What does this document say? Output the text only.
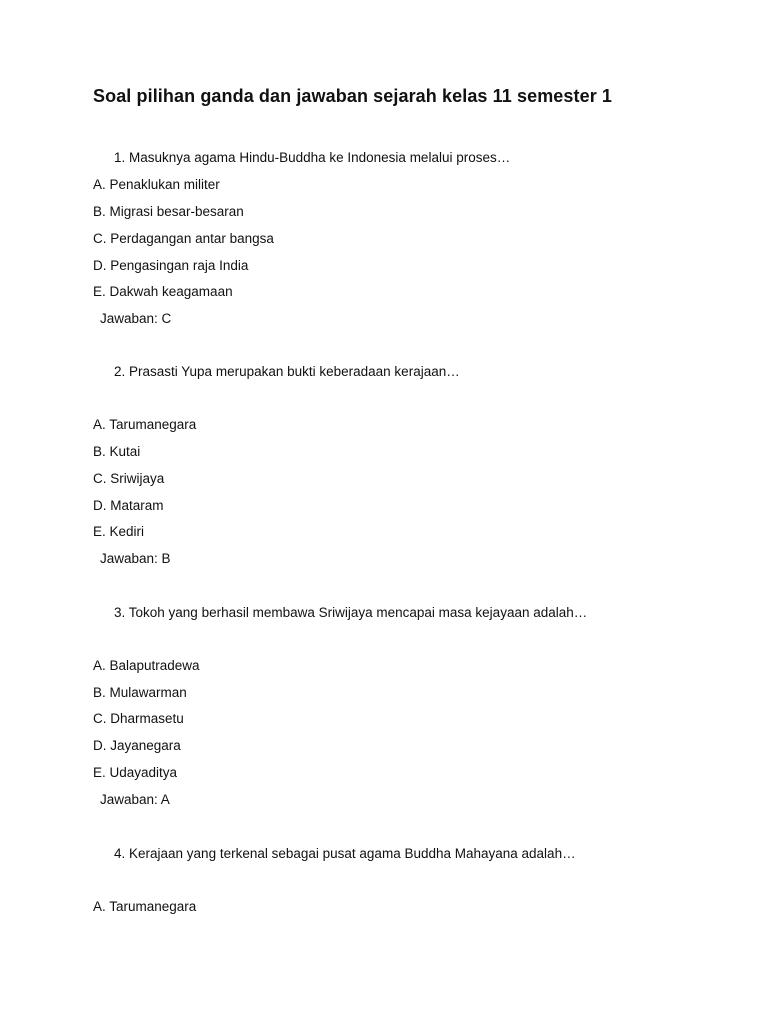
Soal pilihan ganda dan jawaban sejarah kelas 11 semester 1
1. Masuknya agama Hindu-Buddha ke Indonesia melalui proses…
A. Penaklukan militer
B. Migrasi besar-besaran
C. Perdagangan antar bangsa
D. Pengasingan raja India
E. Dakwah keagamaan
Jawaban: C
2. Prasasti Yupa merupakan bukti keberadaan kerajaan…
A. Tarumanegara
B. Kutai
C. Sriwijaya
D. Mataram
E. Kediri
Jawaban: B
3. Tokoh yang berhasil membawa Sriwijaya mencapai masa kejayaan adalah…
A. Balaputradewa
B. Mulawarman
C. Dharmasetu
D. Jayanegara
E. Udayaditya
Jawaban: A
4. Kerajaan yang terkenal sebagai pusat agama Buddha Mahayana adalah…
A. Tarumanegara
